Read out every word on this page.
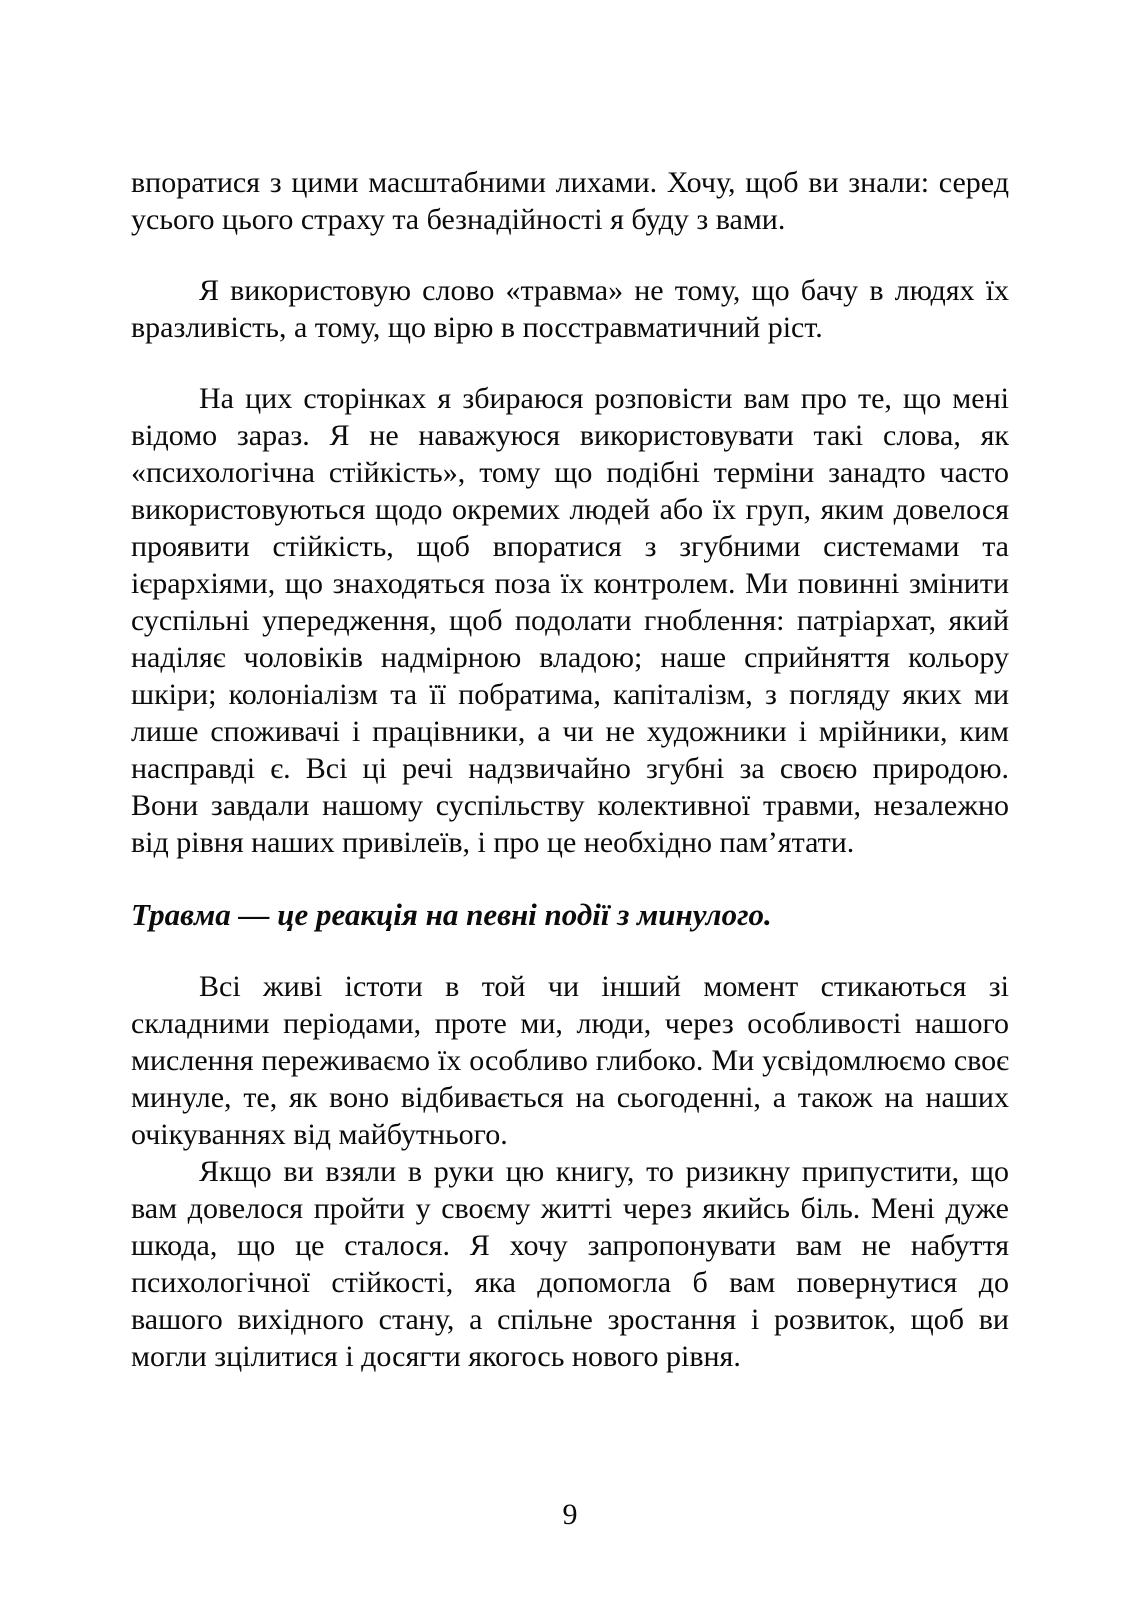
впоратися з цими масштабними лихами. Хочу, щоб ви знали: серед усього цього страху та безнадійності я буду з вами.

Я використовую слово «травма» не тому, що бачу в людях їх вразливість, а тому, що вірю в посстравматичний ріст.

На цих сторінках я збираюся розповісти вам про те, що мені відомо зараз. Я не наважуюся використовувати такі слова, як «психологічна стійкість», тому що подібні терміни занадто часто використовуються щодо окремих людей або їх груп, яким довелося проявити стійкість, щоб впоратися з згубними системами та ієрархіями, що знаходяться поза їх контролем. Ми повинні змінити суспільні упередження, щоб подолати гноблення: патріархат, який наділяє чоловіків надмірною владою; наше сприйняття кольору шкіри; колоніалізм та її побратима, капіталізм, з погляду яких ми лише споживачі і працівники, а чи не художники і мрійники, ким насправді є. Всі ці речі надзвичайно згубні за своєю природою. Вони завдали нашому суспільству колективної травми, незалежно від рівня наших привілеїв, і про це необхідно пам’ятати.

Травма — це реакція на певні події з минулого.

Всі живі істоти в той чи інший момент стикаються зі складними періодами, проте ми, люди, через особливості нашого мислення переживаємо їх особливо глибоко. Ми усвідомлюємо своє минуле, те, як воно відбивається на сьогоденні, а також на наших очікуваннях від майбутнього.

Якщо ви взяли в руки цю книгу, то ризикну припустити, що вам довелося пройти у своєму житті через якийсь біль. Мені дуже шкода, що це сталося. Я хочу запропонувати вам не набуття психологічної стійкості, яка допомогла б вам повернутися до вашого вихідного стану, а спільне зростання і розвиток, щоб ви могли зцілитися і досягти якогось нового рівня.

9
